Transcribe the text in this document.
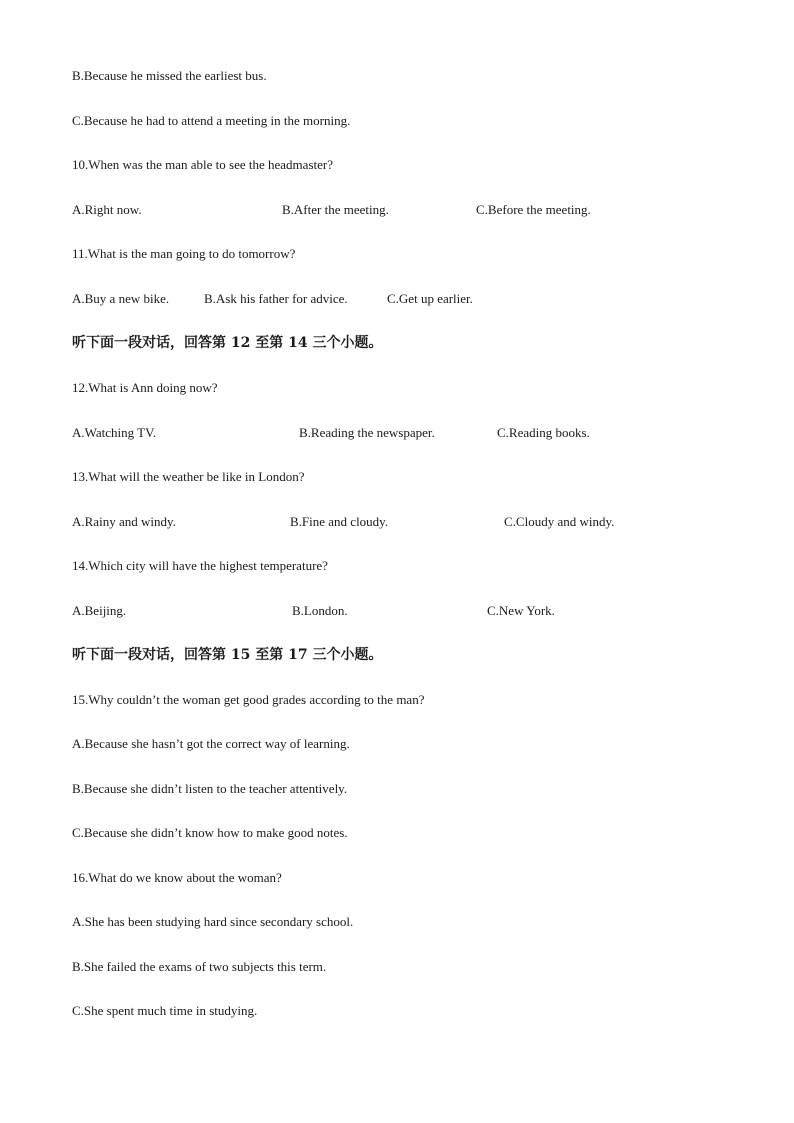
B.Because he missed the earliest bus.
C.Because he had to attend a meeting in the morning.
10.When was the man able to see the headmaster?
A.Right now.	B.After the meeting.	C.Before the meeting.
11.What is the man going to do tomorrow?
A.Buy a new bike.	B.Ask his father for advice.	C.Get up earlier.
听下面一段对话，回答第 12 至第 14 三个小题。
12.What is Ann doing now?
A.Watching TV.	B.Reading the newspaper.	C.Reading books.
13.What will the weather be like in London?
A.Rainy and windy.	B.Fine and cloudy.	C.Cloudy and windy.
14.Which city will have the highest temperature?
A.Beijing.	B.London.	C.New York.
听下面一段对话，回答第 15 至第 17 三个小题。
15.Why couldn’t the woman get good grades according to the man?
A.Because she hasn’t got the correct way of learning.
B.Because she didn’t listen to the teacher attentively.
C.Because she didn’t know how to make good notes.
16.What do we know about the woman?
A.She has been studying hard since secondary school.
B.She failed the exams of two subjects this term.
C.She spent much time in studying.
